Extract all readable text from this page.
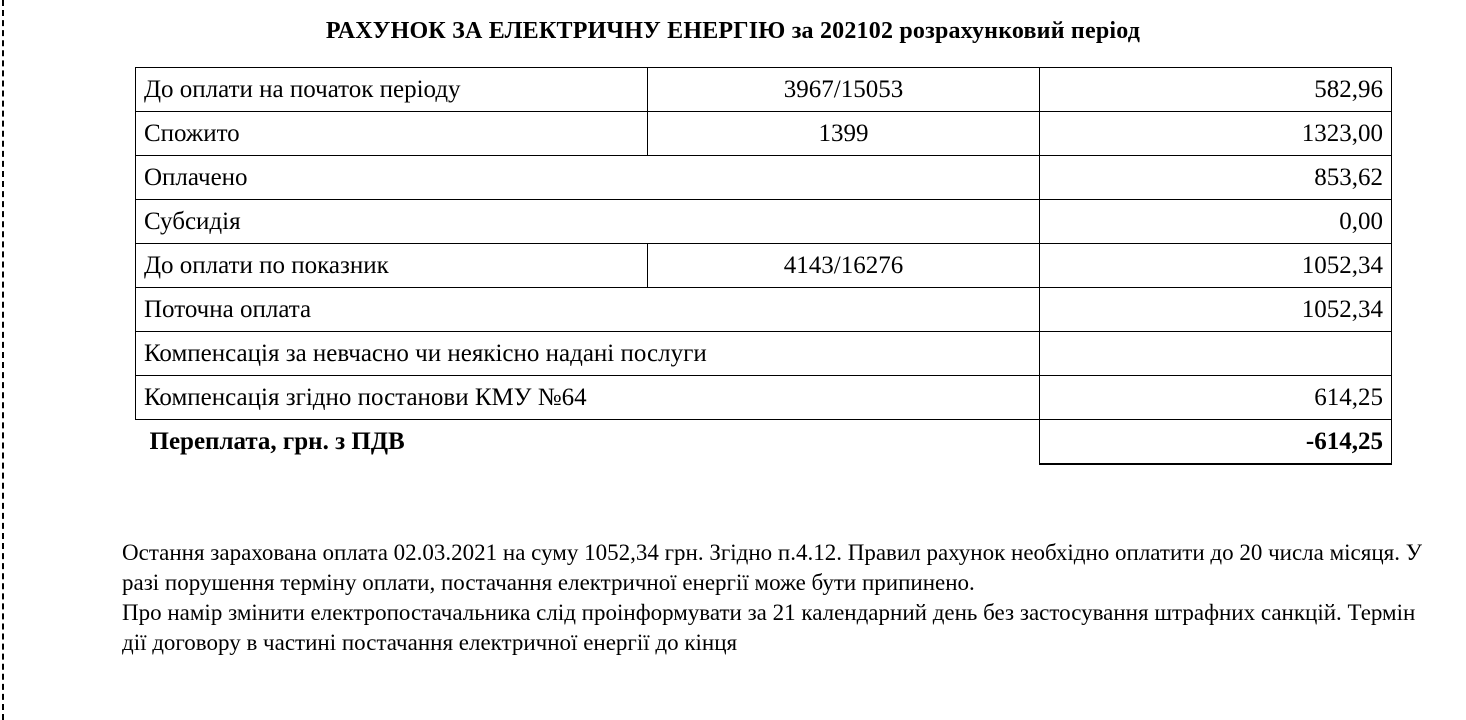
РАХУНОК ЗА ЕЛЕКТРИЧНУ ЕНЕРГІЮ за 202102 розрахунковий період
До оплати на початок періоду	3967/15053	582,96
Спожито	1399	1323,00
Оплачено		853,62
Субсидія		0,00
До оплати по показник	4143/16276	1052,34
Поточна оплата		1052,34
Компенсація за невчасно чи неякісно надані послуги		
Компенсація згідно постанови КМУ №64		614,25
Переплата, грн. з ПДВ		-614,25

Остання зарахована оплата 02.03.2021 на суму 1052,34 грн. Згідно п.4.12. Правил рахунок необхідно оплатити до 20 числа місяця. У разі порушення терміну оплати, постачання електричної енергії може бути припинено.

Про намір змінити електропостачальника слід проінформувати за 21 календарний день без застосування штрафних санкцій. Термін дії договору в частині постачання електричної енергії до кінця
